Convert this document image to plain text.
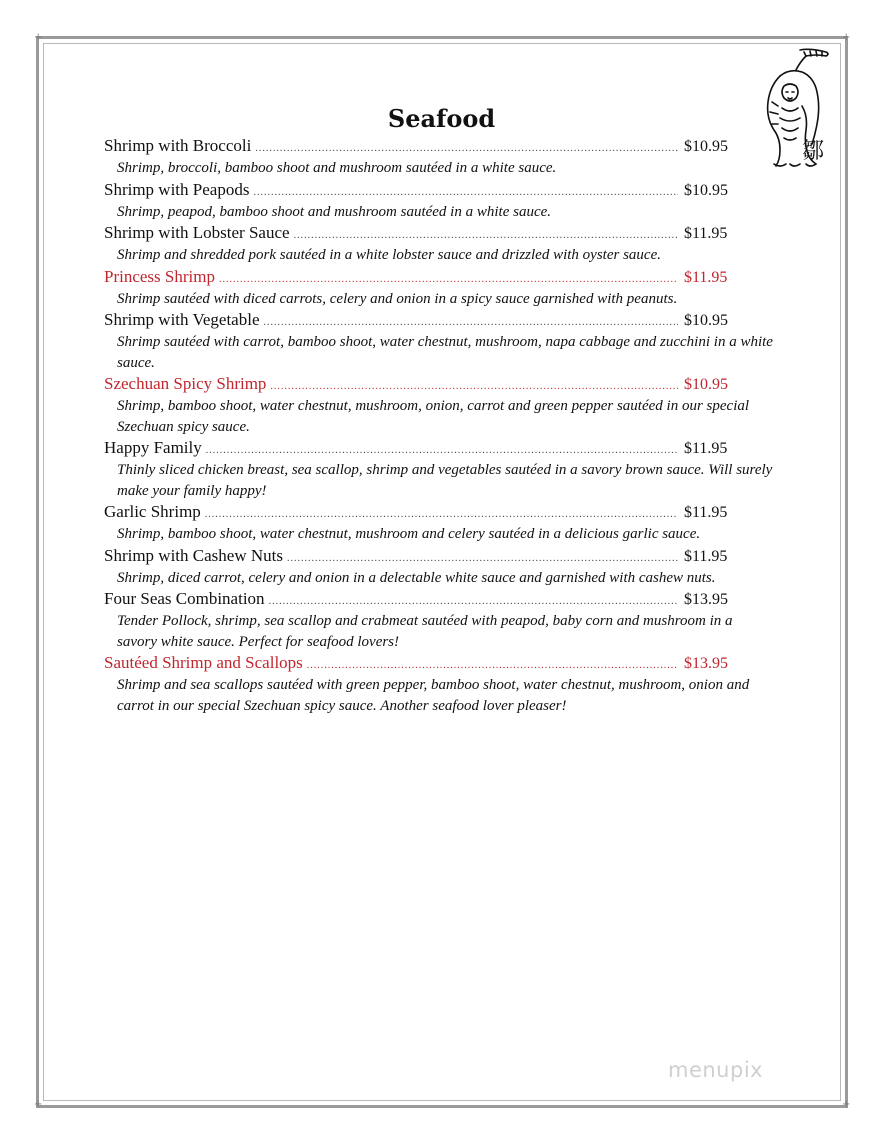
+	+
+	+
鄒
Seafood
Shrimp with Broccoli .....	$10.95
Shrimp, broccoli, bamboo shoot and mushroom sautéed in a white sauce.
Shrimp with Peapods .....	$10.95
Shrimp, peapod, bamboo shoot and mushroom sautéed in a white sauce.
Shrimp with Lobster Sauce .....	$11.95
Shrimp and shredded pork sautéed in a white lobster sauce and drizzled with oyster sauce.
Princess Shrimp .....	$11.95
Shrimp sautéed with diced carrots, celery and onion in a spicy sauce garnished with peanuts.
Shrimp with Vegetable .....	$10.95
Shrimp sautéed with carrot, bamboo shoot, water chestnut, mushroom, napa cabbage and zucchini in a white sauce.
Szechuan Spicy Shrimp .....	$10.95
Shrimp, bamboo shoot, water chestnut, mushroom, onion, carrot and green pepper sautéed in our special Szechuan spicy sauce.
Happy Family .....	$11.95
Thinly sliced chicken breast, sea scallop, shrimp and vegetables sautéed in a savory brown sauce. Will surely make your family happy!
Garlic Shrimp .....	$11.95
Shrimp, bamboo shoot, water chestnut, mushroom and celery sautéed in a delicious garlic sauce.
Shrimp with Cashew Nuts .....	$11.95
Shrimp, diced carrot, celery and onion in a delectable white sauce and garnished with cashew nuts.
Four Seas Combination .....	$13.95
Tender Pollock, shrimp, sea scallop and crabmeat sautéed with peapod, baby corn and mushroom in a savory white sauce. Perfect for seafood lovers!
Sautéed Shrimp and Scallops .....	$13.95
Shrimp and sea scallops sautéed with green pepper, bamboo shoot, water chestnut, mushroom, onion and carrot in our special Szechuan spicy sauce. Another seafood lover pleaser!
menupix
